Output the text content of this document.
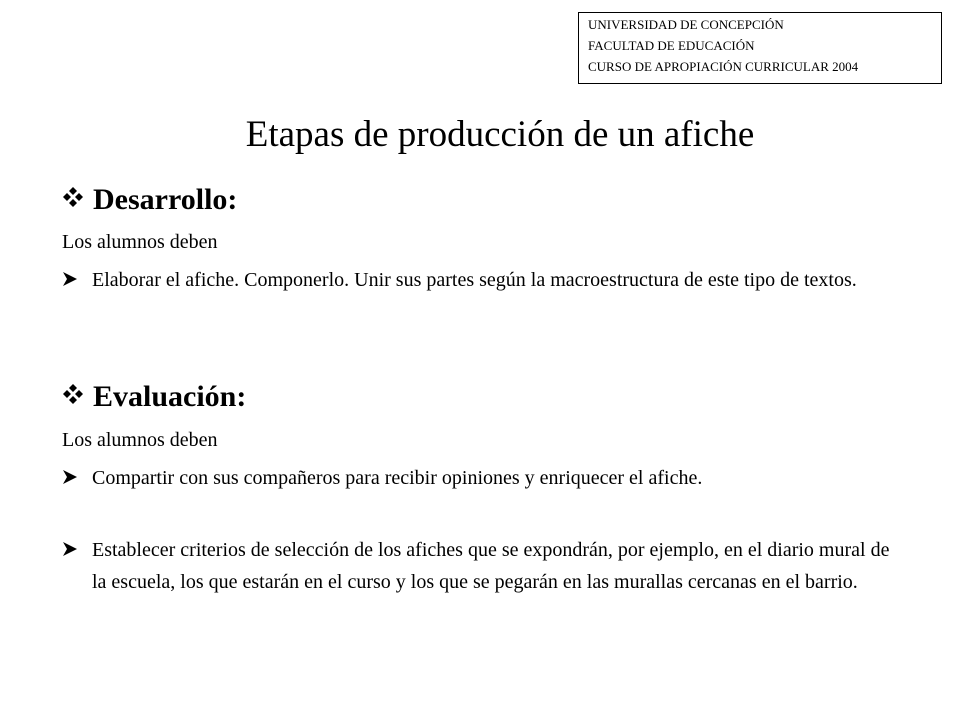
UNIVERSIDAD DE CONCEPCIÓN
FACULTAD DE EDUCACIÓN
CURSO DE APROPIACIÓN CURRICULAR 2004
Etapas de producción de un afiche
Desarrollo:
Los alumnos deben
Elaborar el afiche. Componerlo. Unir sus partes según la macroestructura de este tipo de textos.
Evaluación:
Los alumnos deben
Compartir con sus compañeros para recibir opiniones y enriquecer el afiche.
Establecer criterios de selección de los afiches que se expondrán, por ejemplo, en el diario mural de la escuela, los que estarán en el curso y los que se pegarán en las murallas cercanas en el barrio.
